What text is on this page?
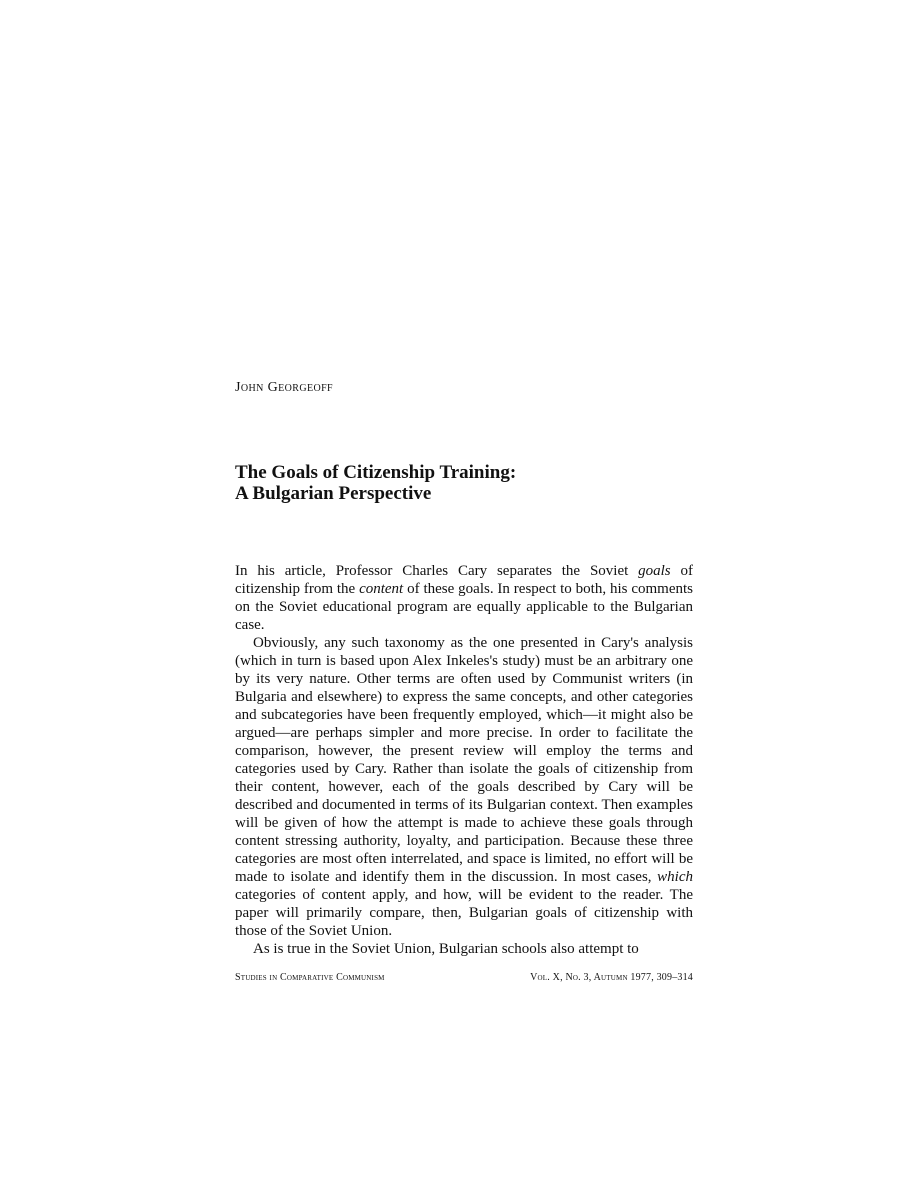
John Georgeoff
The Goals of Citizenship Training:
A Bulgarian Perspective

In his article, Professor Charles Cary separates the Soviet goals of citizenship from the content of these goals. In respect to both, his comments on the Soviet educational program are equally applicable to the Bulgarian case.

Obviously, any such taxonomy as the one presented in Cary's analysis (which in turn is based upon Alex Inkeles's study) must be an arbitrary one by its very nature. Other terms are often used by Communist writers (in Bulgaria and elsewhere) to express the same concepts, and other categories and subcategories have been frequently employed, which—it might also be argued—are perhaps simpler and more precise. In order to facilitate the comparison, however, the present review will employ the terms and categories used by Cary. Rather than isolate the goals of citizenship from their content, however, each of the goals described by Cary will be described and documented in terms of its Bulgarian context. Then examples will be given of how the attempt is made to achieve these goals through content stressing authority, loyalty, and participation. Because these three categories are most often interrelated, and space is limited, no effort will be made to isolate and identify them in the discussion. In most cases, which categories of content apply, and how, will be evident to the reader. The paper will primarily compare, then, Bulgarian goals of citizenship with those of the Soviet Union.

As is true in the Soviet Union, Bulgarian schools also attempt to

Studies in Comparative Communism	Vol. X, No. 3, Autumn 1977, 309–314
